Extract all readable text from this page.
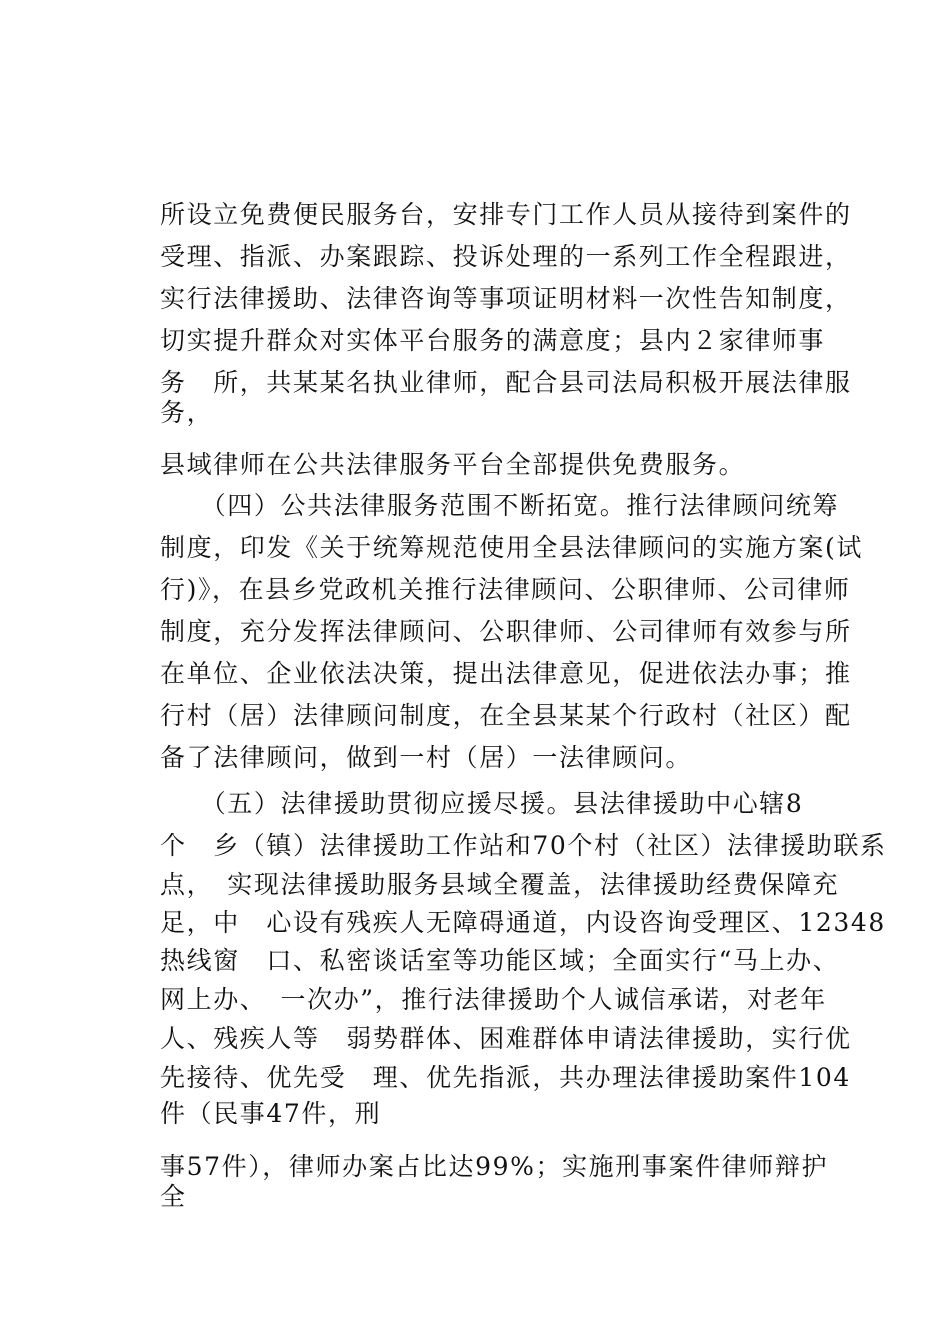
所设立免费便民服务台，安排专门工作人员从接待到案件的

受理、指派、办案跟踪、投诉处理的一系列工作全程跟进，

实行法律援助、法律咨询等事项证明材料一次性告知制度，

切实提升群众对实体平台服务的满意度；县内２家律师事

务　所，共某某名执业律师，配合县司法局积极开展法律服

务，

县域律师在公共法律服务平台全部提供免费服务。

　　（四）公共法律服务范围不断拓宽。推行法律顾问统筹

制度，印发《关于统筹规范使用全县法律顾问的实施方案(试

行)》，在县乡党政机关推行法律顾问、公职律师、公司律师

制度，充分发挥法律顾问、公职律师、公司律师有效参与所

在单位、企业依法决策，提出法律意见，促进依法办事；推

行村（居）法律顾问制度，在全县某某个行政村（社区）配

备了法律顾问，做到一村（居）一法律顾问。

　　（五）法律援助贯彻应援尽援。县法律援助中心辖8

个　乡（镇）法律援助工作站和70个村（社区）法律援助联系

点，　实现法律援助服务县域全覆盖，法律援助经费保障充

足，中　心设有残疾人无障碍通道，内设咨询受理区、12348

热线窗　口、私密谈话室等功能区域；全面实行“马上办、

网上办、　一次办”，推行法律援助个人诚信承诺，对老年

人、残疾人等　弱势群体、困难群体申请法律援助，实行优

先接待、优先受　理、优先指派，共办理法律援助案件104

件（民事47件，刑

事57件），律师办案占比达99%；实施刑事案件律师辩护

全
